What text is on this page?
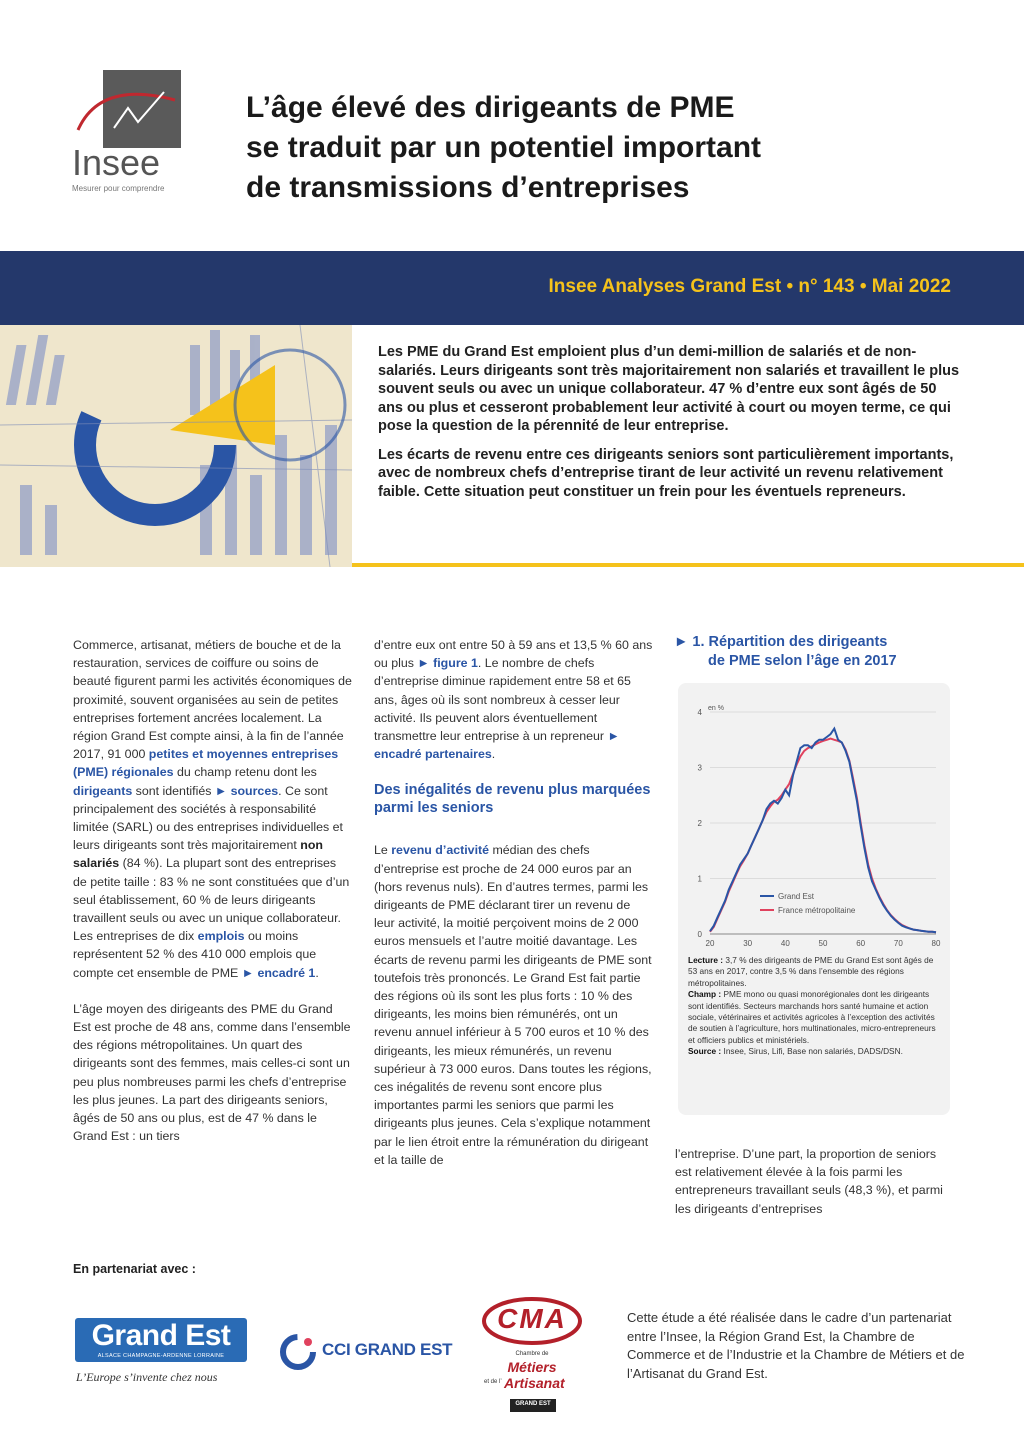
Insee
Mesurer pour comprendre
L’âge élevé des dirigeants de PME
se traduit par un potentiel important
de transmissions d’entreprises
Insee Analyses Grand Est • n° 143 • Mai 2022

Les PME du Grand Est emploient plus d’un demi-million de salariés et de non-salariés. Leurs dirigeants sont très majoritairement non salariés et travaillent le plus souvent seuls ou avec un unique collaborateur. 47 % d’entre eux sont âgés de 50 ans ou plus et cesseront probablement leur activité à court ou moyen terme, ce qui pose la question de la pérennité de leur entreprise.

Les écarts de revenu entre ces dirigeants seniors sont particulièrement importants, avec de nombreux chefs d’entreprise tirant de leur activité un revenu relativement faible. Cette situation peut constituer un frein pour les éventuels repreneurs.

Commerce, artisanat, métiers de bouche et de la restauration, services de coiffure ou soins de beauté figurent parmi les activités économiques de proximité, souvent organisées au sein de petites entreprises fortement ancrées localement. La région Grand Est compte ainsi, à la fin de l’année 2017, 91 000 petites et moyennes entreprises (PME) régionales du champ retenu dont les dirigeants sont identifiés ► sources. Ce sont principalement des sociétés à responsabilité limitée (SARL) ou des entreprises individuelles et leurs dirigeants sont très majoritairement non salariés (84 %). La plupart sont des entreprises de petite taille : 83 % ne sont constituées que d’un seul établissement, 60 % de leurs dirigeants travaillent seuls ou avec un unique collaborateur. Les entreprises de dix emplois ou moins représentent 52 % des 410 000 emplois que compte cet ensemble de PME ► encadré 1.

L’âge moyen des dirigeants des PME du Grand Est est proche de 48 ans, comme dans l’ensemble des régions métropolitaines. Un quart des dirigeants sont des femmes, mais celles-ci sont un peu plus nombreuses parmi les chefs d’entreprise les plus jeunes. La part des dirigeants seniors, âgés de 50 ans ou plus, est de 47 % dans le Grand Est : un tiers

d’entre eux ont entre 50 à 59 ans et 13,5 % 60 ans ou plus ► figure 1. Le nombre de chefs d’entreprise diminue rapidement entre 58 et 65 ans, âges où ils sont nombreux à cesser leur activité. Ils peuvent alors éventuellement transmettre leur entreprise à un repreneur ► encadré partenaires.

Des inégalités de revenu plus marquées parmi les seniors

Le revenu d’activité médian des chefs d’entreprise est proche de 24 000 euros par an (hors revenus nuls). En d’autres termes, parmi les dirigeants de PME déclarant tirer un revenu de leur activité, la moitié perçoivent moins de 2 000 euros mensuels et l’autre moitié davantage. Les écarts de revenu parmi les dirigeants de PME sont toutefois très prononcés. Le Grand Est fait partie des régions où ils sont les plus forts : 10 % des dirigeants, les moins bien rémunérés, ont un revenu annuel inférieur à 5 700 euros et 10 % des dirigeants, les mieux rémunérés, un revenu supérieur à 73 000 euros. Dans toutes les régions, ces inégalités de revenu sont encore plus importantes parmi les seniors que parmi les dirigeants plus jeunes. Cela s’explique notamment par le lien étroit entre la rémunération du dirigeant et la taille de

► 1. Répartition des dirigeants
de PME selon l’âge en 2017
0
1
2
3
4
20	30	40	50	60	70	80
en %
Grand Est
France métropolitaine
Lecture : 3,7 % des dirigeants de PME du Grand Est sont âgés de 53 ans en 2017, contre 3,5 % dans l’ensemble des régions métropolitaines.
Champ : PME mono ou quasi monorégionales dont les dirigeants sont identifiés. Secteurs marchands hors santé humaine et action sociale, vétérinaires et activités agricoles à l’exception des activités de soutien à l’agriculture, hors multinationales, micro-entrepreneurs et officiers publics et ministériels.
Source : Insee, Sirus, Lifi, Base non salariés, DADS/DSN.

l’entreprise. D’une part, la proportion de seniors est relativement élevée à la fois parmi les entrepreneurs travaillant seuls (48,3 %), et parmi les dirigeants d’entreprises

En partenariat avec :
Grand Est
ALSACE CHAMPAGNE-ARDENNE LORRAINE
L’Europe s’invente chez nous
CCI GRAND EST
CMA
Chambre de
Métiers
et de l’ Artisanat
GRAND EST
Cette étude a été réalisée dans le cadre d’un partenariat entre l’Insee, la Région Grand Est, la Chambre de Commerce et de l’Industrie et la Chambre de Métiers et de l’Artisanat du Grand Est.
